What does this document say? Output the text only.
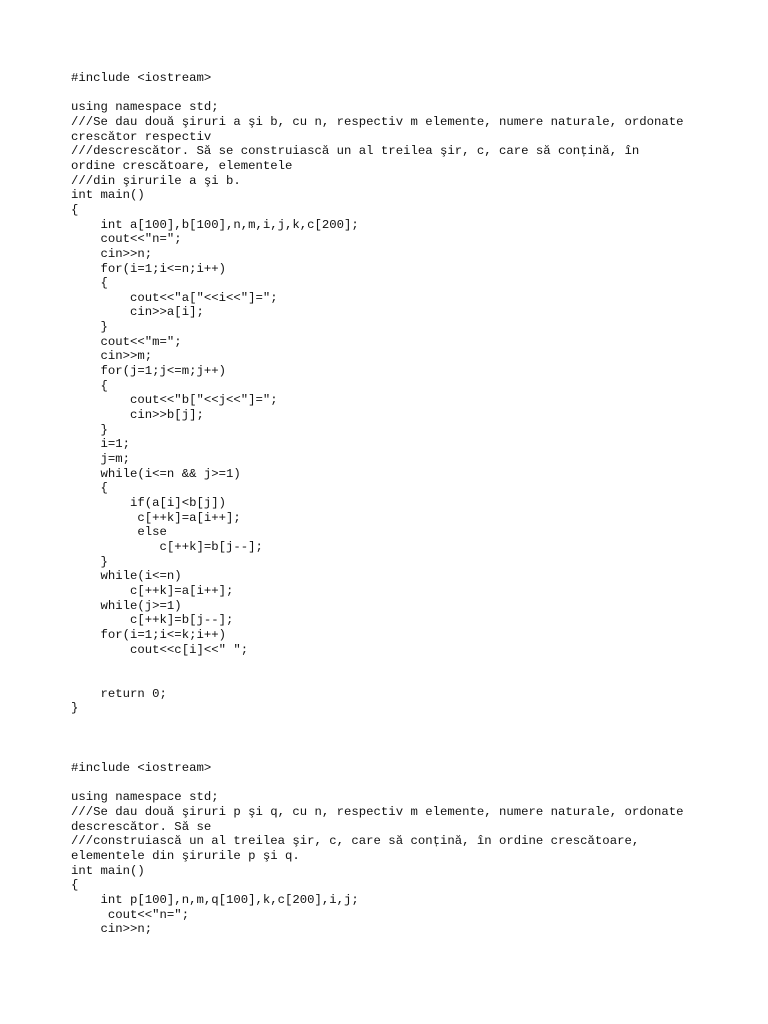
#include <iostream>
using namespace std;
///Se dau două şiruri a şi b, cu n, respectiv m elemente, numere naturale, ordonate
crescător respectiv
///descrescător. Să se construiască un al treilea şir, c, care să conțină, în
ordine crescătoare, elementele
///din şirurile a şi b.
int main()
{
int a[100],b[100],n,m,i,j,k,c[200];
cout<<"n=";
cin>>n;
for(i=1;i<=n;i++)
{
cout<<"a["<<i<<"]=";
cin>>a[i];
}
cout<<"m=";
cin>>m;
for(j=1;j<=m;j++)
{
cout<<"b["<<j<<"]=";
cin>>b[j];
}
i=1;
j=m;
while(i<=n && j>=1)
{
if(a[i]<b[j])
c[++k]=a[i++];
else
c[++k]=b[j--];
}
while(i<=n)
c[++k]=a[i++];
while(j>=1)
c[++k]=b[j--];
for(i=1;i<=k;i++)
cout<<c[i]<<" ";
return 0;
}
#include <iostream>
using namespace std;
///Se dau două şiruri p şi q, cu n, respectiv m elemente, numere naturale, ordonate
descrescător. Să se
///construiască un al treilea şir, c, care să conțină, în ordine crescătoare,
elementele din şirurile p şi q.
int main()
{
int p[100],n,m,q[100],k,c[200],i,j;
cout<<"n=";
cin>>n;
